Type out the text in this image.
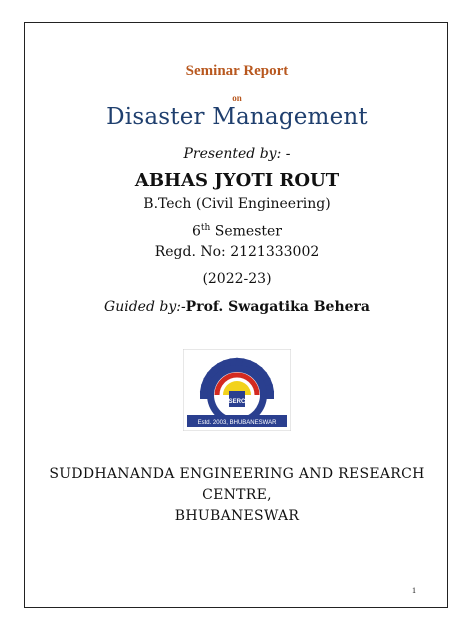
Seminar Report
on
Disaster Management
Presented by: -
ABHAS JYOTI ROUT
B.Tech (Civil Engineering)
6th Semester
Regd. No: 2121333002
(2022-23)
Guided by:-Prof. Swagatika Behera
SERC
Estd. 2003, BHUBANESWAR
SUDDHANANDA ENGINEERING AND RESEARCH
CENTRE,
BHUBANESWAR
1
